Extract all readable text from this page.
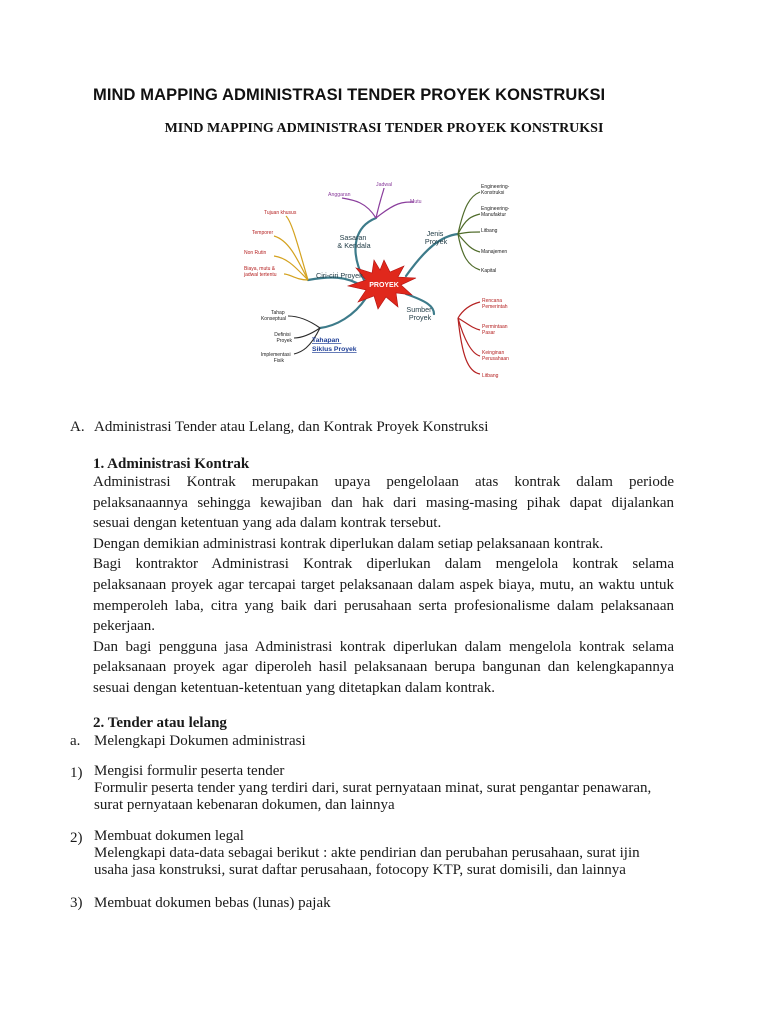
MIND MAPPING ADMINISTRASI TENDER PROYEK KONSTRUKSI
MIND MAPPING ADMINISTRASI TENDER PROYEK KONSTRUKSI
PROYEK
Sasaran & Kendala
Jenis Proyek
Ciri-ciri Proyek
Sumber Proyek
Tahapan Siklus Proyek
Jadwal
Anggaran
Mutu
Engineering- Konstruksi
Engineering- Manufaktur
Litbang
Manajemen
Kapital
Tujuan khusus
Temporer
Non Rutin
Biaya, mutu & jadwal tertentu
Rencana Pemerintah
Permintaan Pasar
Keinginan Perusahaan
Litbang
Tahap Konseptual
Definisi Proyek
Implementasi Fisik
A. Administrasi Tender atau Lelang, dan Kontrak Proyek Konstruksi
1. Administrasi Kontrak
Administrasi Kontrak merupakan upaya pengelolaan atas kontrak dalam periode
pelaksanaannya sehingga kewajiban dan hak dari masing-masing pihak dapat dijalankan
sesuai dengan ketentuan yang ada dalam kontrak tersebut.
Dengan demikian administrasi kontrak diperlukan dalam setiap pelaksanaan kontrak.
Bagi kontraktor Administrasi Kontrak diperlukan dalam mengelola kontrak selama
pelaksanaan proyek agar tercapai target pelaksanaan dalam aspek biaya, mutu, an waktu untuk
memperoleh laba, citra yang baik dari perusahaan serta profesionalisme dalam pelaksanaan
pekerjaan.
Dan bagi pengguna jasa Administrasi kontrak diperlukan dalam mengelola kontrak selama
pelaksanaan proyek agar diperoleh hasil pelaksanaan berupa bangunan dan kelengkapannya
sesuai dengan ketentuan-ketentuan yang ditetapkan dalam kontrak.
2. Tender atau lelang
a. Melengkapi Dokumen administrasi
1) Mengisi formulir peserta tender
Formulir peserta tender yang terdiri dari, surat pernyataan minat, surat pengantar penawaran,
surat pernyataan kebenaran dokumen, dan lainnya
2) Membuat dokumen legal
Melengkapi data-data sebagai berikut : akte pendirian dan perubahan perusahaan, surat ijin
usaha jasa konstruksi, surat daftar perusahaan, fotocopy KTP, surat domisili, dan lainnya
3) Membuat dokumen bebas (lunas) pajak
